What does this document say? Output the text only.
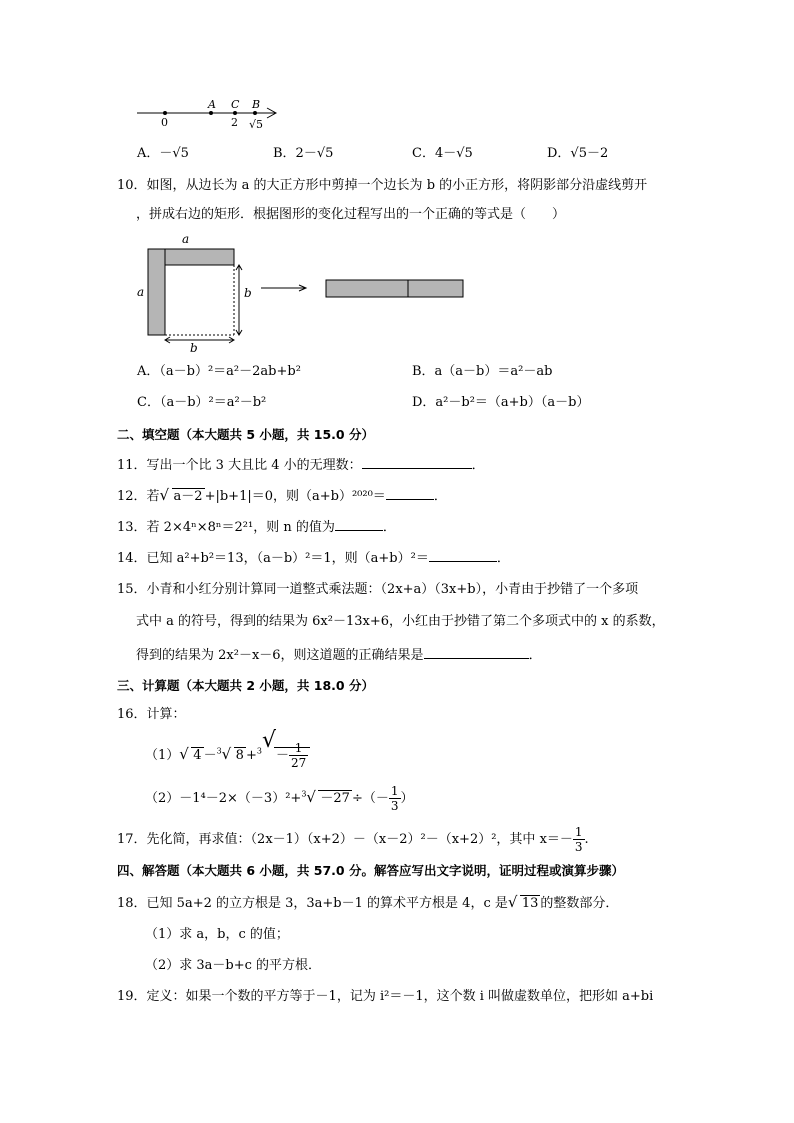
0
A C B
2 √5
A．－√5	B．2－√5	C．4－√5	D．√5－2
10．如图，从边长为 a 的大正方形中剪掉一个边长为 b 的小正方形，将阴影部分沿虚线剪开
，拼成右边的矩形．根据图形的变化过程写出的一个正确的等式是（　　）
a
a	b
b
A．（a－b）²＝a²－2ab+b²	B．a（a－b）＝a²－ab
C．（a－b）²＝a²－b²	D．a²－b²＝（a+b）（a－b）
二、填空题（本大题共 5 小题，共 15.0 分）
11．写出一个比 3 大且比 4 小的无理数：	．
12．若 √ a－2 +|b+1|＝0，则（a+b）²⁰²⁰＝	．
13．若 2×4ⁿ×8ⁿ＝2²¹，则 n 的值为	．
14．已知 a²+b²＝13，（a－b）²＝1，则（a+b）²＝	．
15．小青和小红分别计算同一道整式乘法题：（2x+a）（3x+b），小青由于抄错了一个多项
式中 a 的符号，得到的结果为 6x²－13x+6，小红由于抄错了第二个多项式中的 x 的系数，
得到的结果为 2x²－x－6，则这道题的正确结果是	．
三、计算题（本大题共 2 小题，共 18.0 分）
16．计算：
（1） √ 4 －$^3$ √ 8 +$^3$ √
－ $\frac{1}{27}$
（2）－1⁴－2×（－3）²+$^3$ √ －27 ÷（－ $\frac{1}{3}$ ）
17．先化简，再求值：（2x－1）（x+2）－（x－2）²－（x+2）²，其中 $x=- \frac{1}{3}$ .
四、解答题（本大题共 6 小题，共 57.0 分。解答应写出文字说明，证明过程或演算步骤）
18．已知 5a+2 的立方根是 3，3a+b－1 的算术平方根是 4，c 是 √ 13 的整数部分．
（1）求 a，b，c 的值；
（2）求 3a－b+c 的平方根．
19．定义：如果一个数的平方等于－1，记为 i²＝－1，这个数 i 叫做虚数单位，把形如 a+bi
